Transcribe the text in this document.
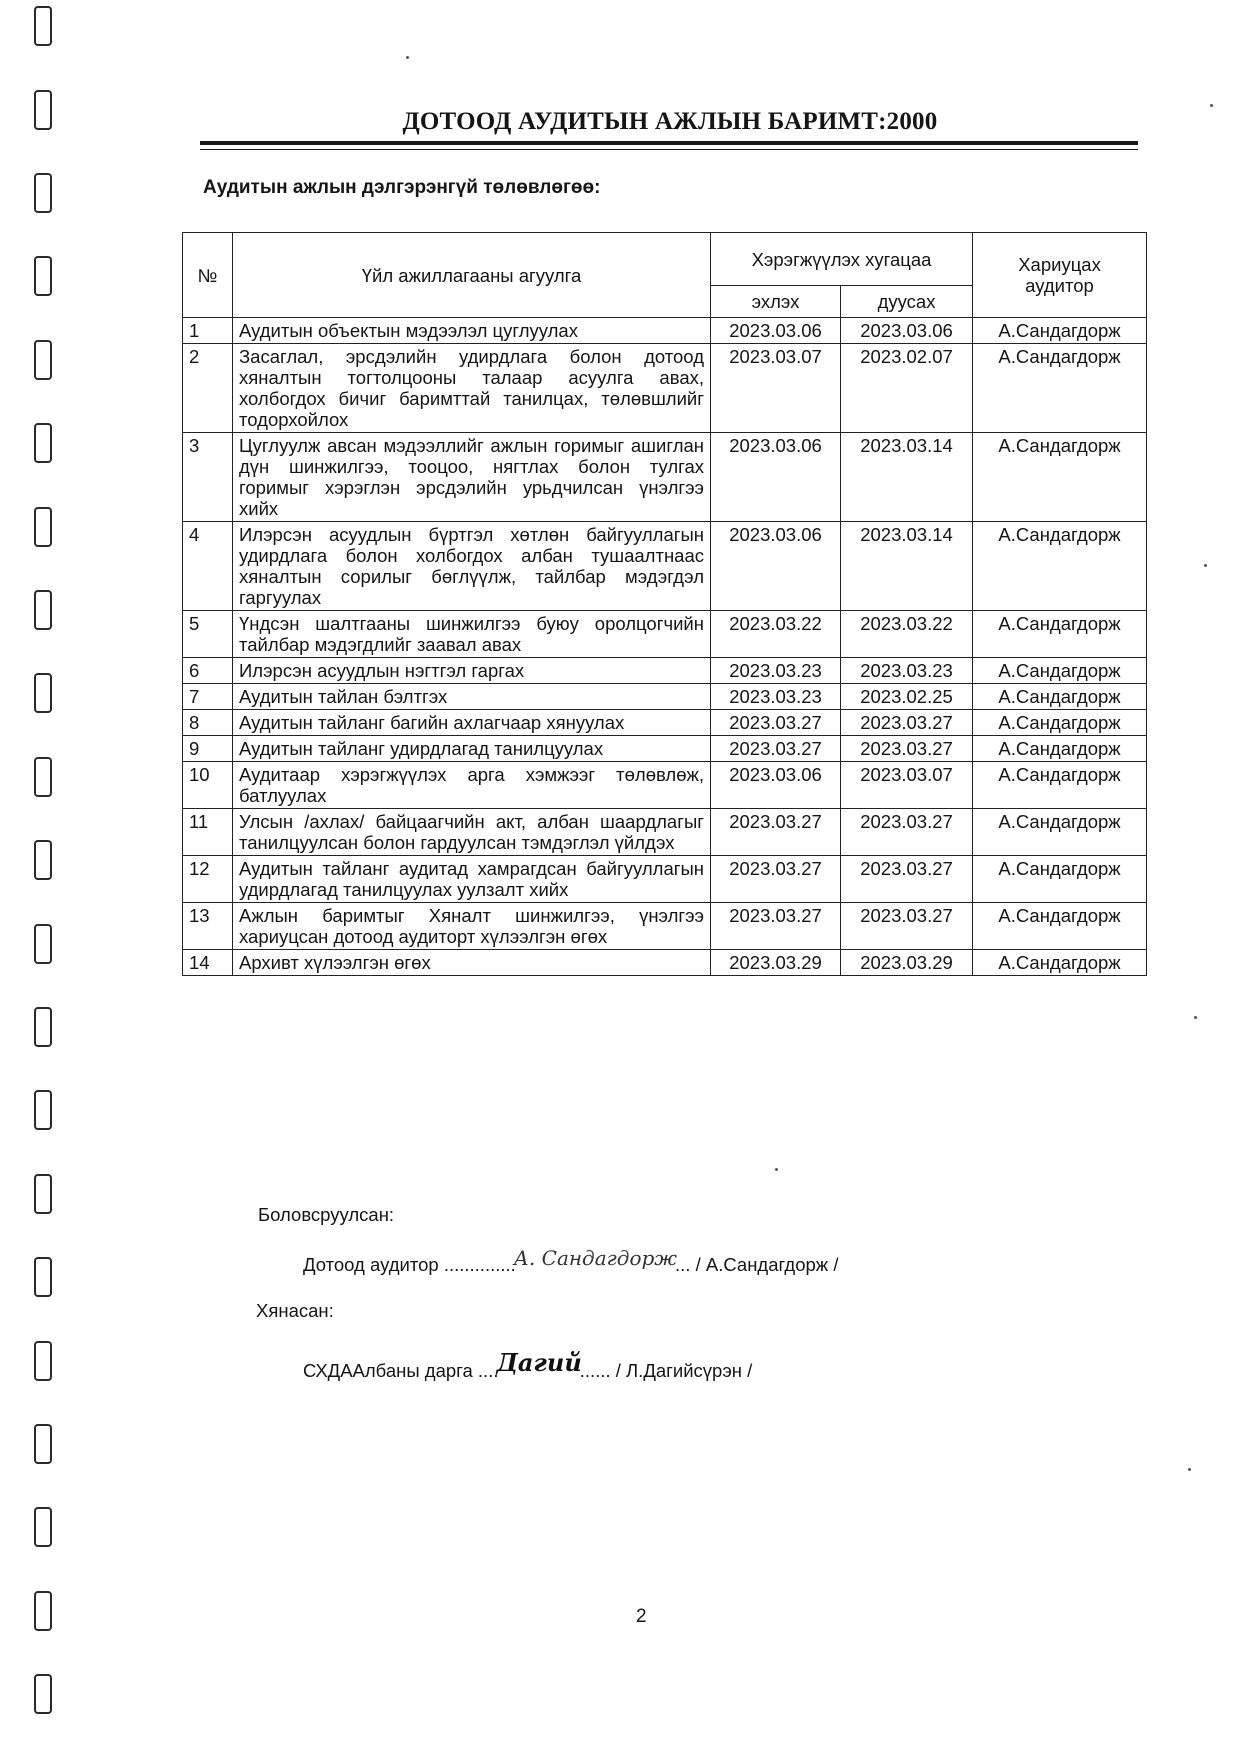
ДОТООД АУДИТЫН АЖЛЫН БАРИМТ:2000
Аудитын ажлын дэлгэрэнгүй төлөвлөгөө:
№	Үйл ажиллагааны агуулга	Хэрэгжүүлэх хугацаа		Хариуцах аудитор
		эхлэх	дуусах	
1	Аудитын объектын мэдээлэл цуглуулах	2023.03.06	2023.03.06	А.Сандагдорж
2	Засаглал, эрсдэлийн удирдлага болон дотоод хяналтын тогтолцооны талаар асуулга авах, холбогдох бичиг баримттай танилцах, төлөвшлийг тодорхойлох	2023.03.07	2023.02.07	А.Сандагдорж
3	Цуглуулж авсан мэдээллийг ажлын горимыг ашиглан дүн шинжилгээ, тооцоо, нягтлах болон тулгах горимыг хэрэглэн эрсдэлийн урьдчилсан үнэлгээ хийх	2023.03.06	2023.03.14	А.Сандагдорж
4	Илэрсэн асуудлын бүртгэл хөтлөн байгууллагын удирдлага болон холбогдох албан тушаалтнаас хяналтын сорилыг бөглүүлж, тайлбар мэдэгдэл гаргуулах	2023.03.06	2023.03.14	А.Сандагдорж
5	Үндсэн шалтгааны шинжилгээ буюу оролцогчийн тайлбар мэдэгдлийг заавал авах	2023.03.22	2023.03.22	А.Сандагдорж
6	Илэрсэн асуудлын нэгтгэл гаргах	2023.03.23	2023.03.23	А.Сандагдорж
7	Аудитын тайлан бэлтгэх	2023.03.23	2023.02.25	А.Сандагдорж
8	Аудитын тайланг багийн ахлагчаар хянуулах	2023.03.27	2023.03.27	А.Сандагдорж
9	Аудитын тайланг удирдлагад танилцуулах	2023.03.27	2023.03.27	А.Сандагдорж
10	Аудитаар хэрэгжүүлэх арга хэмжээг төлөвлөж, батлуулах	2023.03.06	2023.03.07	А.Сандагдорж
11	Улсын /ахлах/ байцаагчийн акт, албан шаардлагыг танилцуулсан болон гардуулсан тэмдэглэл үйлдэх	2023.03.27	2023.03.27	А.Сандагдорж
12	Аудитын тайланг аудитад хамрагдсан байгууллагын удирдлагад танилцуулах уулзалт хийх	2023.03.27	2023.03.27	А.Сандагдорж
13	Ажлын баримтыг Хяналт шинжилгээ, үнэлгээ хариуцсан дотоод аудиторт хүлээлгэн өгөх	2023.03.27	2023.03.27	А.Сандагдорж
14	Архивт хүлээлгэн өгөх	2023.03.29	2023.03.29	А.Сандагдорж
Боловсруулсан:
Дотоод аудитор ..............А. Сандагдорж... / А.Сандагдорж /
Хянасан:
СХДААлбаны дарга ....Дагий...... / Л.Дагийсүрэн /
2
